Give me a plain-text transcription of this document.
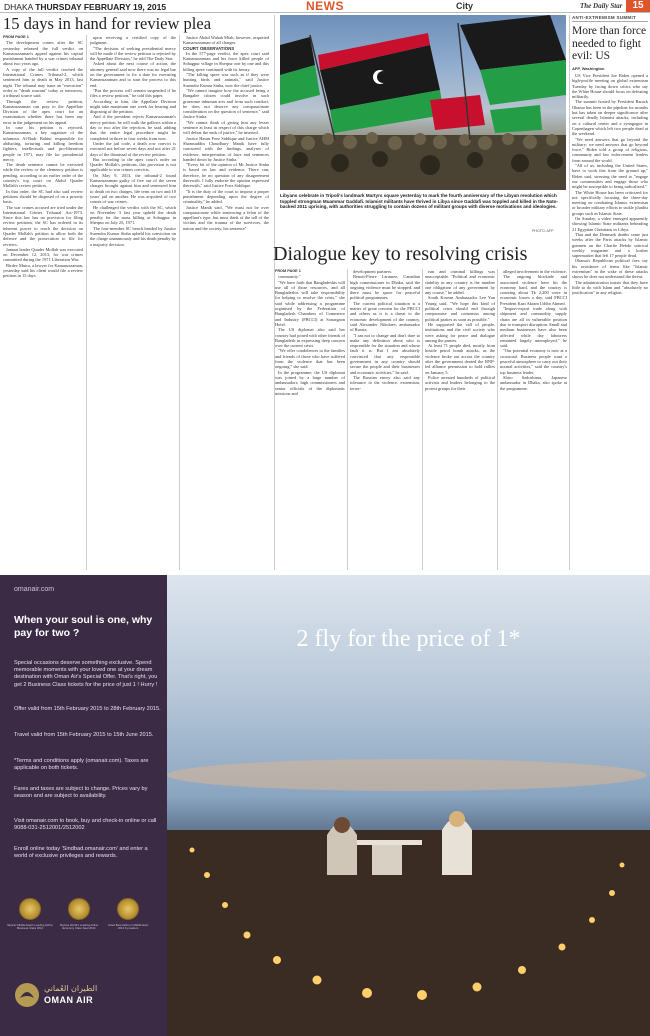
DHAKA THURSDAY FEBRUARY 19, 2015	NEWS	City	The Daily Star	15
15 days in hand for review plea

FROM PAGE 1

The development comes after the SC yesterday released the full verdict on Kamaruzzaman's appeal against his capital punishment handed by a war crimes tribunal about two years ago.

A copy of the full verdict reached the International Crimes Tribunal-2, which sentenced him to death in May 2013, last night. The tribunal may issue an "execution" order or "death warrant" today or tomorrow, a tribunal source said.

Through the review petition, Kamaruzzaman can pray to the Appellate Division of the apex court for an examination whether there has been any error in the judgement on his appeal.

In case his petition is rejected, Kamaruzzaman, a key organiser of the infamous Al-Badr Bahini responsible for abducting, torturing and killing freedom fighters, intellectuals and pro-liberation people in 1971, may file for presidential mercy.

The death sentence cannot be executed while the review or the clemency petition is pending, according to an earlier order of the country's top court on Abdul Quader Mollah's review petition.

In that order, the SC had also said review petitions should be disposed of on a priority basis.

The war crimes accused are tried under the International Crimes Tribunal Act-1973. Since this law has no provision for filing review petitions, the SC has ordered in its inherent power to reach the decision on Quader Mollah's petition to allow both the defence and the prosecution to file for reviews.

Jamaat leader Quader Mollah was executed on December 12, 2013, for war crimes committed during the 1971 Liberation War.

Birdev Mutra, a lawyer for Kamaruzzaman, yesterday said his client would file a review petition in 15 days

upon receiving a certified copy of the judgment.

"The decision of seeking presidential mercy will be made if the review petition is rejected by the Appellate Division," he told The Daily Star.

Asked about the next course of action, the attorney general said now there was no legal bar on the government to fix a date for executing Kamaruzzaman and to start the process to this end.

"But the process will remain suspended if he files a review petition," he told this paper.

According to him, the Appellate Division might take maximum one week for hearing and disposing of the petition.

And if the president rejects Kamaruzzaman's mercy petition, he will walk the gallows within a day or two after the rejection, he said, adding that the entire legal procedure might be completed in three to four weeks from now.

Under the jail code, a death row convict is executed not before seven days and not after 21 days of the dismissal of the review petition.

But according to the apex court's order on Quader Mollah's petitions, this provision is not applicable to war crimes convicts.

On May 9, 2013, the tribunal-2 found Kamaruzzaman guilty of five out of the seven charges brought against him and sentenced him to death on two charges, life term on two and 10 years' jail on another. He was acquitted of two counts of war crimes.

He challenged the verdict with the SC, which on November 3 last year upheld the death penalty for the mass killing at Sohagpur in Sherpur on July 25, 1971.

The four-member SC bench headed by Justice Surendra Kumar Sinha upheld his conviction on the charge unanimously and his death penalty by a majority decision.

Justice Abdul Wahab Miah, however, acquitted Kamaruzzaman of all charges.

COURT OBSERVATIONS

In the 577-page verdict, the apex court said Kamaruzzaman and his force killed people of Sohagpur village in Sherpur one by one and this killing spree continued with its frenzy.

"The killing spree was such as if they were hunting birds and animals," said Justice Surendra Kumar Sinha, now the chief justice.

"We cannot imagine how the accused being a Bangalee citizen could involve in such gruesome inhuman acts and from such conduct, he does not deserve any compassionate consideration on the question of sentence," said Justice Sinha.

"We cannot think of giving him any lesser sentence at least in respect of this charge which will defeat the ends of justice," he inserted.

Justice Hasan Foez Siddique and Justice AHM Shamsuddin Choudhury Manik have fully concurred with the findings, analyses of evidence, interpretation of laws and sentences handed down by Justice Sinha.

"Every bit of the opinion of Mr Justice Sinha is based on law and evidence. There can, therefore, be no question of any disagreement therewith. I fully endorse the opinion expressed therewith," said Justice Foez Siddique.

"It is the duty of the court to impose a proper punishment depending upon the degree of criminality," he added.

Justice Manik said, "We must not be over compassionate while sentencing a felon of the appellant's type, but must think of the toll of the victims and the trauma of the survivors, the nation and the society, his sentence"

Libyans celebrate in Tripoli's landmark Martyrs square yesterday to mark the fourth anniversary of the Libyan revolution which toppled strongman Muammar Gaddafi. Islamist militants have thrived in Libya since Gaddafi was toppled and killed in the Nato-backed 2011 uprising, with authorities struggling to contain dozens of militant groups with diverse motivations and ideologies.
PHOTO: AFP
Dialogue key to resolving crisis

FROM PAGE 1

community."

"We have faith that Bangladeshis will use all of those resources, and all Bangladeshis will take responsibility for helping to resolve the crisis," she said while addressing a programme organised by the Federation of Bangladesh Chambers of Commerce and Industry (FBCCI) at Sonargaon Hotel.

The US diplomat also said her country had joined with other friends of Bangladesh in expressing deep concern over the current crisis.

"We offer condolences to the families and friends of those who have suffered from the violence that has been ongoing," she said.

In the programme, the US diplomat was joined by a large number of ambassadors, high commissioners and senior officials of the diplomatic missions and

development partners.

Benoit-Pierre Laramee, Canadian high commissioner in Dhaka, said the ongoing violence must be stopped, and there must be space for peaceful political programmes.

The current political situation is a matter of great concern for the FBCCI and others as it is a threat to the economic development of the country, said Alexander Nikolaev, ambassador of Russia.

"I am not to change and don't dare to make any definition about who is responsible for the situation and whose fault it is. But I am absolutely convinced that any responsible government in any country should secure the people and their businesses and economic activities," he said.

The Russian envoy also said any tolerance to the violence, extremism, terror-

ism and criminal killings was unacceptable. "Political and economic stability in any country is the number one obligation of any government by any course," he added.

South Korean Ambassador Lee Yun Young said, "We hope this kind of political crisis should end through compromise and consensus among political parties as soon as possible."

He supported the call of people, institutions and the civil society who were asking for peace and dialogue among the parties.

At least 71 people died, mostly from hostile petrol bomb attacks, as the violence broke out across the country after the government denied the BNP-led alliance permission to hold rallies on January 5.

Police arrested hundreds of political activists and leaders belonging to the protest groups for their

alleged involvement in the violence.

The ongoing blockade and associated violence have hit the economy hard, and the country is counting about Tk 2,200 crore in economic losses a day, said FBCCI President Kazi Akram Uddin Ahmed.

"Import-export trade along with shipment and commodity supply chain are all in vulnerable position due to transport disruption. Small and medium businesses have also been affected while day labourers remained largely unemployed," he said.

"Our potential economy is now at a crossroad. Business people want a peaceful atmosphere to carry out their normal activities," said the country's top business leader.

Shiro Sadoshima, Japanese ambassador in Dhaka, also spoke at the programme.

ANTI-EXTREMISM SUMMIT
More than force needed to fight evil: US
AFP, Washington

US Vice President Joe Biden opened a high-profile meeting on global extremism Tuesday by facing down critics who say the White House should focus on defeating militarily.

The summit hosted by President Barack Obama has been in the pipeline for months but has taken on deeper significance after several deadly Islamist attacks, including on a cultural center and a synagogue in Copenhagen which left two people dead at the weekend.

"We need answers that go beyond the military; we need answers that go beyond force," Biden told a group of religious, community and law enforcement leaders from around the world.

"All of us, including the United States, have to work this from the ground up," Biden said, stressing the need to "engage our communities and engage those who might be susceptible to being radicalized."

The White House has been criticized for not specifically focusing the three-day meeting on combating Islamic extremism or broader military efforts to tackle jihadist groups such as Islamic State.

On Sunday, a video emerged apparently showing Islamic State militants beheading 21 Egyptian Christians in Libya.

That and the Denmark deaths came just weeks after the Paris attacks by Islamic gunmen on the Charlie Hebdo satirical weekly magazine and a kosher supermarket that left 17 people dead.

Obama's Republican political foes say his avoidance of terms like "Islamic extremism" in the wake of these attacks shows he does not understand the threat.

The administration insists that they have little to do with Islam and "absolutely no justification" in any religion.

2 fly for the price of 1*
omanair.com
When your soul is one, why pay for two ?
Special occasions deserve something exclusive. Spend memorable moments with your loved one at your dream destination with Oman Air's Special Offer. That's right, you get 2 Business Class tickets for the price of just 1 ! Hurry !
Offer valid from 15th February 2015 to 28th February 2015.
Travel valid from 15th February 2015 to 15th June 2015.
*Terms and conditions apply (omanair.com). Taxes are applicable on both tickets.
Fares and taxes are subject to change. Prices vary by season and are subject to availability.
Visit omanair.com to book, buy and check-in online or call 9088-031-2512001/2512002
Enroll online today 'Sindbad.omanair.com' and enter a world of exclusive privileges and rewards.
Skytrax Middle East's Leading Airline Business Class 2014
Skytrax World's Leading Airline Economy Class Seat 2014
Voted Best Airline in Middle East 2014 by readers
الطيران العُماني
OMAN AIR
